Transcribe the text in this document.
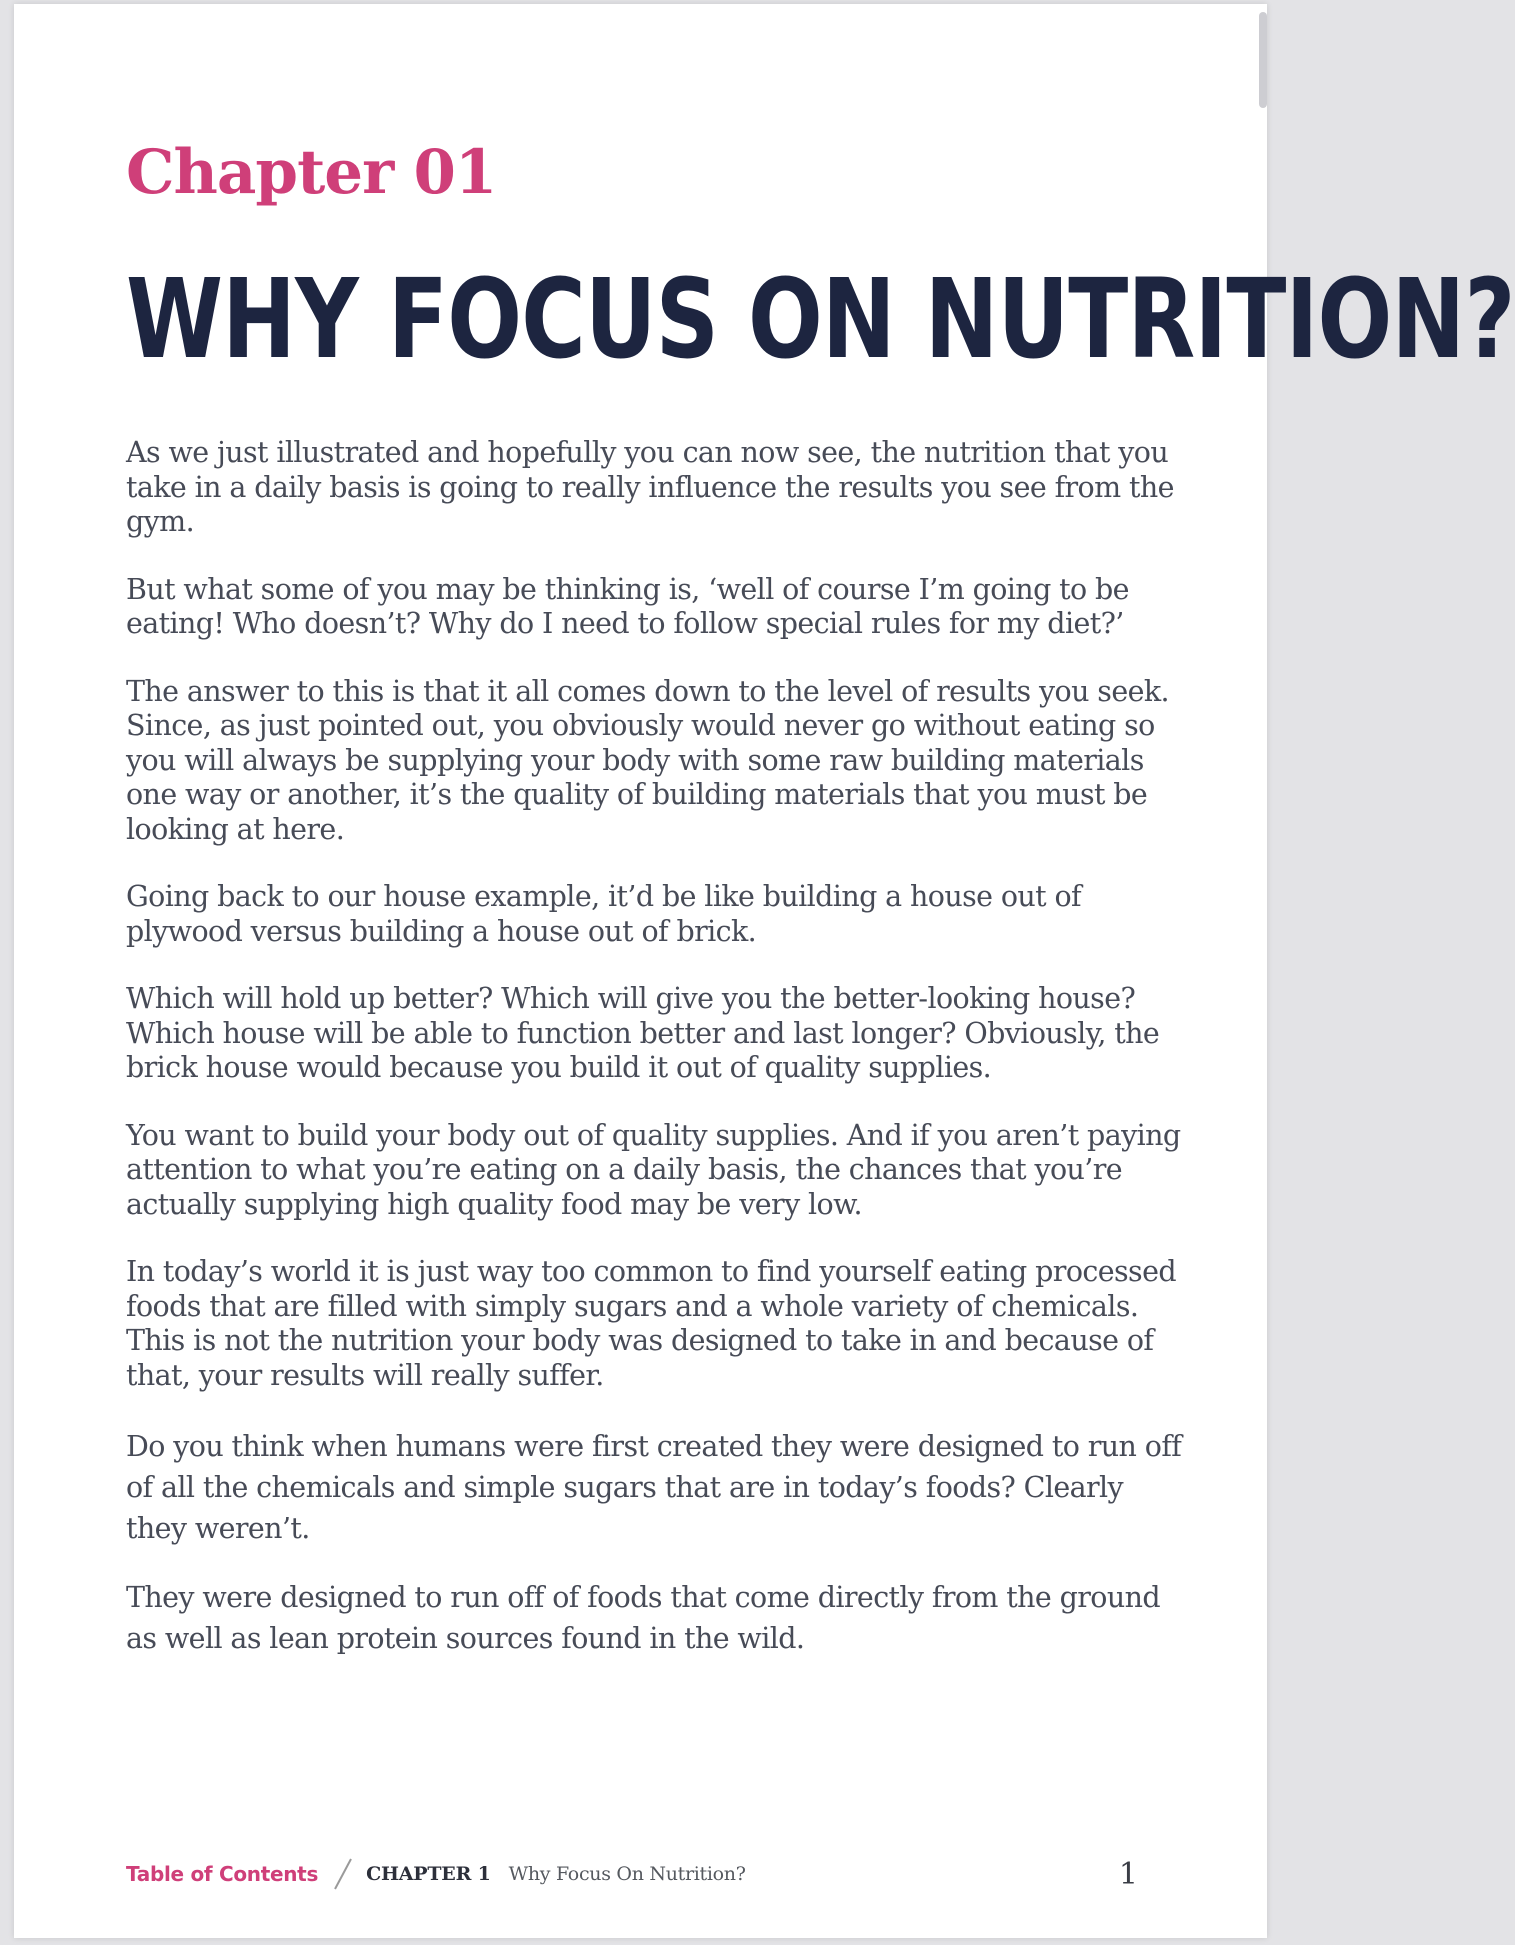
Chapter 01
WHY FOCUS ON NUTRITION?

As we just illustrated and hopefully you can now see, the nutrition that you take in a daily basis is going to really influence the results you see from the gym.

But what some of you may be thinking is, ‘well of course I’m going to be eating! Who doesn’t? Why do I need to follow special rules for my diet?’

The answer to this is that it all comes down to the level of results you seek. Since, as just pointed out, you obviously would never go without eating so you will always be supplying your body with some raw building materials one way or another, it’s the quality of building materials that you must be looking at here.

Going back to our house example, it’d be like building a house out of plywood versus building a house out of brick.

Which will hold up better? Which will give you the better-looking house? Which house will be able to function better and last longer? Obviously, the brick house would because you build it out of quality supplies.

You want to build your body out of quality supplies. And if you aren’t paying attention to what you’re eating on a daily basis, the chances that you’re actually supplying high quality food may be very low.

In today’s world it is just way too common to find yourself eating processed foods that are filled with simply sugars and a whole variety of chemicals. This is not the nutrition your body was designed to take in and because of that, your results will really suffer.

Do you think when humans were first created they were designed to run off of all the chemicals and simple sugars that are in today’s foods? Clearly they weren’t.

They were designed to run off of foods that come directly from the ground as well as lean protein sources found in the wild.

Table of Contents	CHAPTER 1 Why Focus On Nutrition?	1
